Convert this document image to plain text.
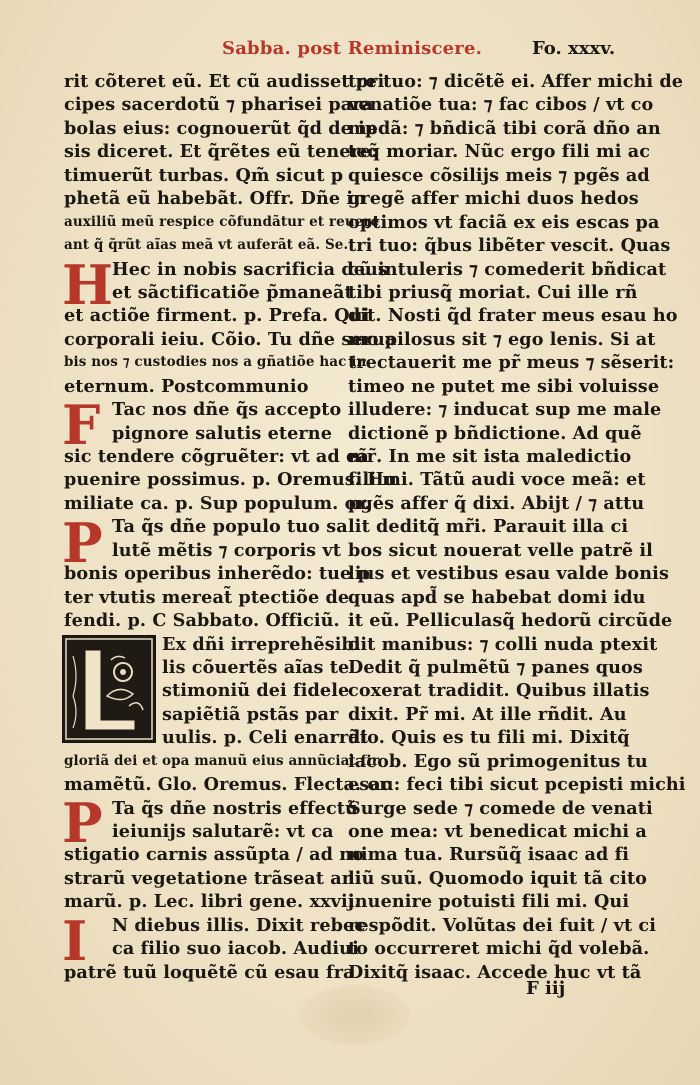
Sabba. post Reminiscere.	Fo. xxxv.
rit cõteret eũ. Et cũ audisset pri
cipes sacerdotũ ⁊ pharisei para
bolas eius: cognouerũt q̃d de ip
sis diceret. Et q̃rẽtes eũ tenere:
timuerũt turbas. Qm̃ sicut p
phetã eũ habebãt. Offr. Dñe in
auxiliũ meũ respice cõfundãtur et reuere
ant q̃ q̃rũt aĩas meã vt auferãt eã. Se.
Hec in nobis sacrificia deus
et sãctificatiõe p̃maneãt
et actiõe firment. p. Prefa. Qui
corporali ieiu. Cõio. Tu dñe serua
bis nos ⁊ custodies nos a gñatiõe hac in
eternum. Postcommunio
Tac nos dñe q̃s accepto
pignore salutis eterne
sic tendere cõgruẽter: vt ad eã
puenire possimus. p. Oremus. Hu
miliate ca. p. Sup populum. or.
Ta q̃s dñe populo tuo sa
lutẽ mẽtis ⁊ corporis vt
bonis operibus inherẽdo: tue p
ter vtutis mereat̃ ptectiõe de
fendi. p. C Sabbato. Officiũ.
Ex dñi irreprehẽsibi
lis cõuertẽs aĩas te
stimoniũ dei fidele
sapiẽtiã pstãs par
uulis. p. Celi enarrãt
gloriã dei et opa manuũ eius annũciat fir
mamẽtũ. Glo. Oremus. Flecta. or.
Ta q̃s dñe nostris effectũ
ieiunijs salutarẽ: vt ca
stigatio carnis assũpta / ad no
strarũ vegetatione trãseat ani
marũ. p. Lec. libri gene. xxvij.
N diebus illis. Dixit rebec
ca filio suo iacob. Audiui
patrẽ tuũ loquẽtẽ cũ esau fra
H
F
P
P
I
tre tuo: ⁊ dicẽtẽ ei. Affer michi de
venatiõe tua: ⁊ fac cibos / vt co
medã: ⁊ bñdicã tibi corã dño an
teq̃ moriar. Nũc ergo fili mi ac
quiesce cõsilijs meis ⁊ pgẽs ad
gregẽ affer michi duos hedos
optimos vt faciã ex eis escas pa
tri tuo: q̃bus libẽter vescit. Quas
cũ intuleris ⁊ comederit bñdicat
tibi priusq̃ moriat. Cui ille rñ
dit. Nosti q̃d frater meus esau ho
mo pilosus sit ⁊ ego lenis. Si at
trectauerit me pr̃ meus ⁊ sẽserit:
timeo ne putet me sibi voluisse
illudere: ⁊ inducat sup me male
dictionẽ p bñdictione. Ad quẽ
mr̃. In me sit ista maledictio
fili mi. Tãtũ audi voce meã: et
pgẽs affer q̃ dixi. Abijt / ⁊ attu
lit deditq̃ mr̃i. Parauit illa ci
bos sicut nouerat velle patrẽ il
lius et vestibus esau valde bonis
quas apd̃ se habebat domi idu
it eũ. Pelliculasq̃ hedorũ circũde
dit manibus: ⁊ colli nuda ptexit
Dedit q̃ pulmẽtũ ⁊ panes quos
coxerat tradidit. Quibus illatis
dixit. Pr̃ mi. At ille rñdit. Au
dio. Quis es tu fili mi. Dixitq̃
iacob. Ego sũ primogenitus tu
esau: feci tibi sicut pcepisti michi
Surge sede ⁊ comede de venati
one mea: vt benedicat michi a
nima tua. Rursũq̃ isaac ad fi
liũ suũ. Quomodo iquit tã cito
inuenire potuisti fili mi. Qui
respõdit. Volũtas dei fuit / vt ci
to occurreret michi q̃d volebã.
Dixitq̃ isaac. Accede huc vt tã
F iij
